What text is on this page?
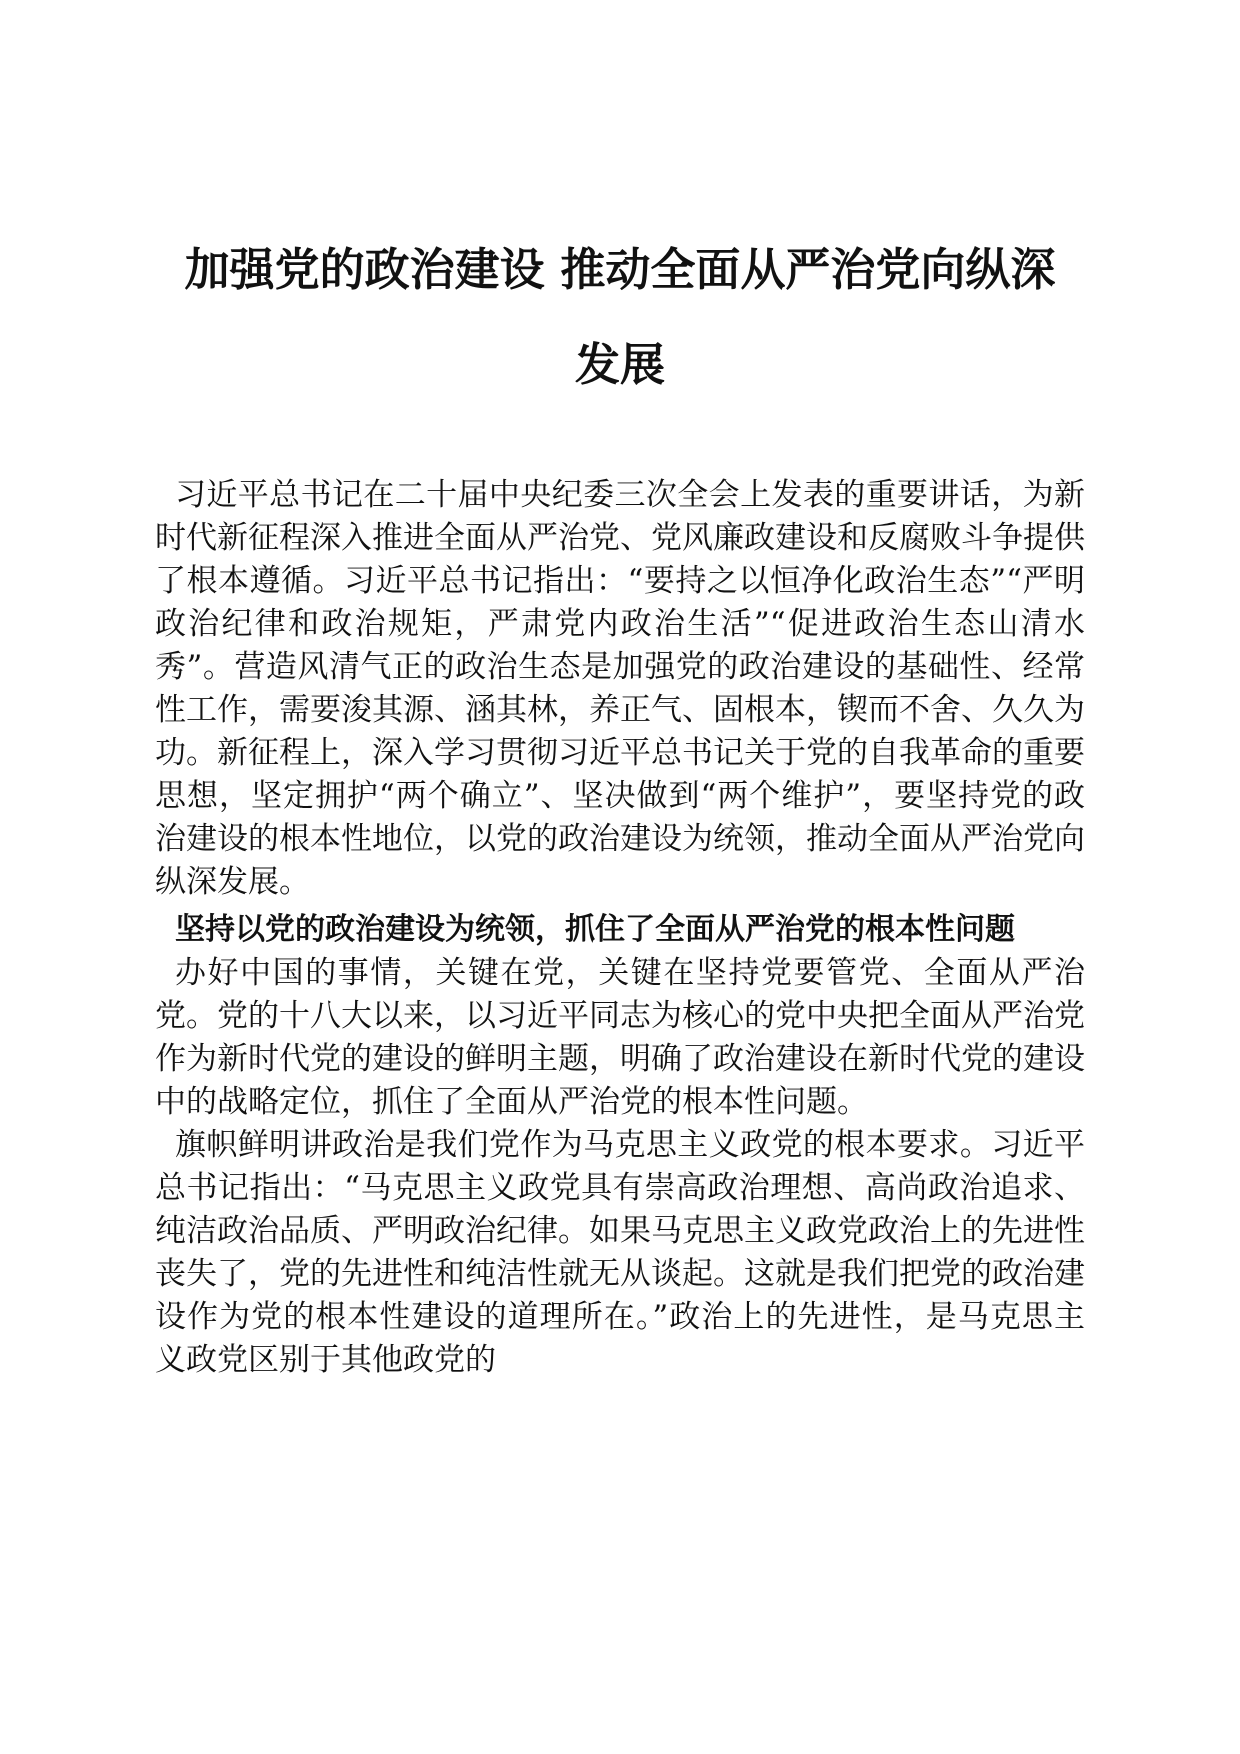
加强党的政治建设 推动全面从严治党向纵深
发展

习近平总书记在二十届中央纪委三次全会上发表的重要讲话，为新时代新征程深入推进全面从严治党、党风廉政建设和反腐败斗争提供了根本遵循。习近平总书记指出：“要持之以恒净化政治生态”“严明政治纪律和政治规矩，严肃党内政治生活”“促进政治生态山清水秀”。营造风清气正的政治生态是加强党的政治建设的基础性、经常性工作，需要浚其源、涵其林，养正气、固根本，锲而不舍、久久为功。新征程上，深入学习贯彻习近平总书记关于党的自我革命的重要思想，坚定拥护“两个确立”、坚决做到“两个维护”，要坚持党的政治建设的根本性地位，以党的政治建设为统领，推动全面从严治党向纵深发展。

坚持以党的政治建设为统领，抓住了全面从严治党的根本性问题

办好中国的事情，关键在党，关键在坚持党要管党、全面从严治党。党的十八大以来，以习近平同志为核心的党中央把全面从严治党作为新时代党的建设的鲜明主题，明确了政治建设在新时代党的建设中的战略定位，抓住了全面从严治党的根本性问题。

旗帜鲜明讲政治是我们党作为马克思主义政党的根本要求。习近平总书记指出：“马克思主义政党具有崇高政治理想、高尚政治追求、纯洁政治品质、严明政治纪律。如果马克思主义政党政治上的先进性丧失了，党的先进性和纯洁性就无从谈起。这就是我们把党的政治建设作为党的根本性建设的道理所在。”政治上的先进性，是马克思主义政党区别于其他政党的
